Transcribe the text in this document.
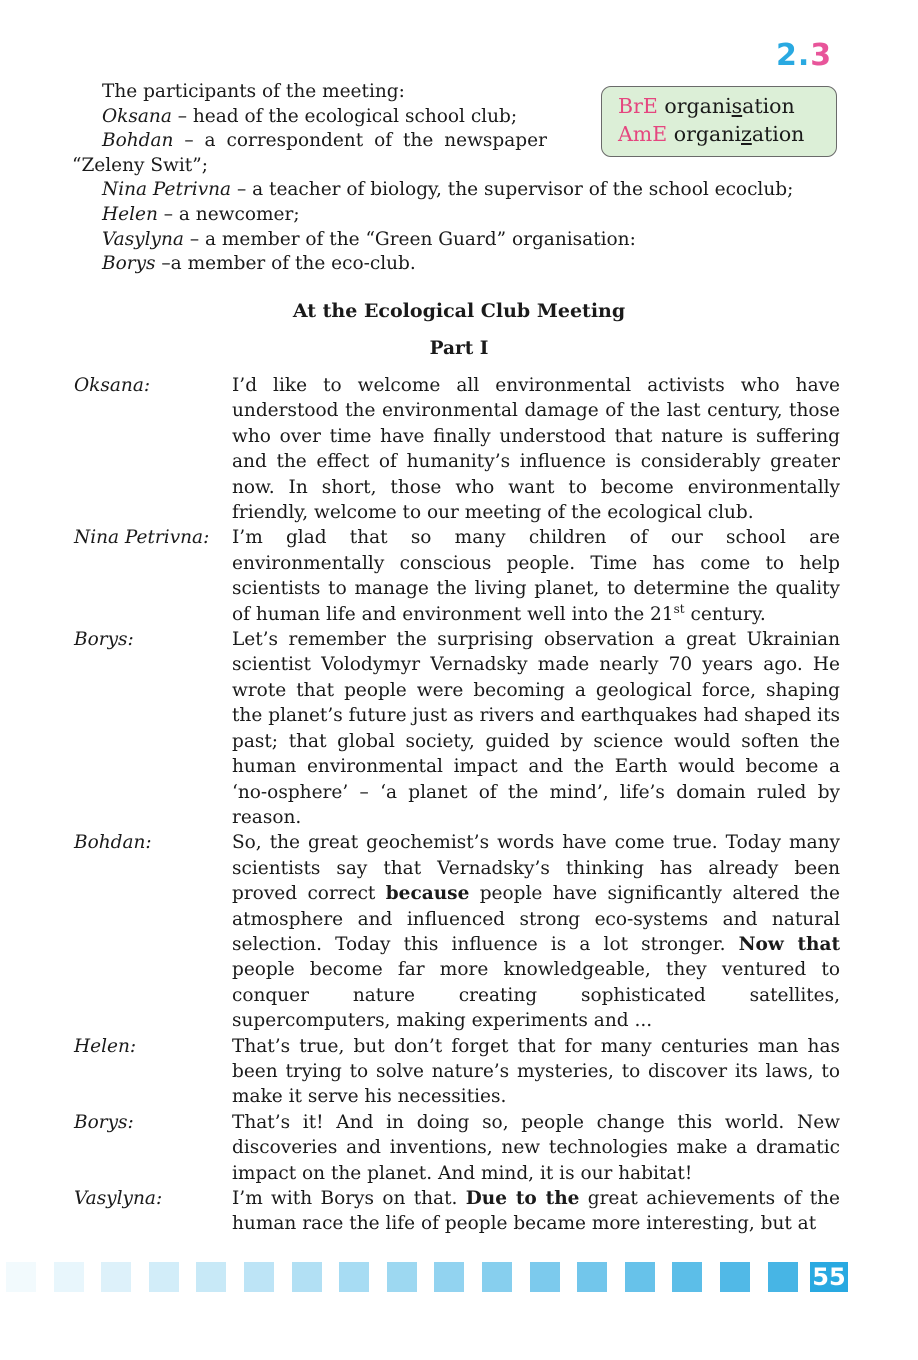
2.3
BrE organisation
AmE organization
The participants of the meeting:
Oksana – head of the ecological school club;
Bohdan – a correspondent of the newspaper
“Zeleny Swit”;
Nina Petrivna – a teacher of biology, the supervisor of the school ecoclub;
Helen – a newcomer;
Vasylyna – a member of the “Green Guard” organisation:
Borys –a member of the eco-club.
At the Ecological Club Meeting
Part I
Oksana:	I’d like to welcome all environmental activists who have understood the environmental damage of the last century, those who over time have finally understood that nature is suffering and the effect of humanity’s influence is considerably greater now. In short, those who want to become environmentally friendly, welcome to our meeting of the ecological club.
Nina Petrivna:	I’m glad that so many children of our school are environmentally conscious people. Time has come to help scientists to manage the living planet, to determine the quality of human life and environment well into the 21st century.
Borys:	Let’s remember the surprising observation a great Ukrainian scientist Volodymyr Vernadsky made nearly 70 years ago. He wrote that people were becoming a geological force, shaping the planet’s future just as rivers and earthquakes had shaped its past; that global society, guided by science would soften the human environmental impact and the Earth would become a ‘no-osphere’ – ‘a planet of the mind’, life’s domain ruled by reason.
Bohdan:	So, the great geochemist’s words have come true. Today many scientists say that Vernadsky’s thinking has already been proved correct because people have significantly altered the atmosphere and influenced strong eco-systems and natural selection. Today this influence is a lot stronger. Now that people become far more knowledgeable, they ventured to conquer nature creating sophisticated satellites, supercomputers, making experiments and ...
Helen:	That’s true, but don’t forget that for many centuries man has been trying to solve nature’s mysteries, to discover its laws, to make it serve his necessities.
Borys:	That’s it! And in doing so, people change this world. New discoveries and inventions, new technologies make a dramatic impact on the planet. And mind, it is our habitat!
Vasylyna:	I’m with Borys on that. Due to the great achievements of the human race the life of people became more interesting, but at
55
